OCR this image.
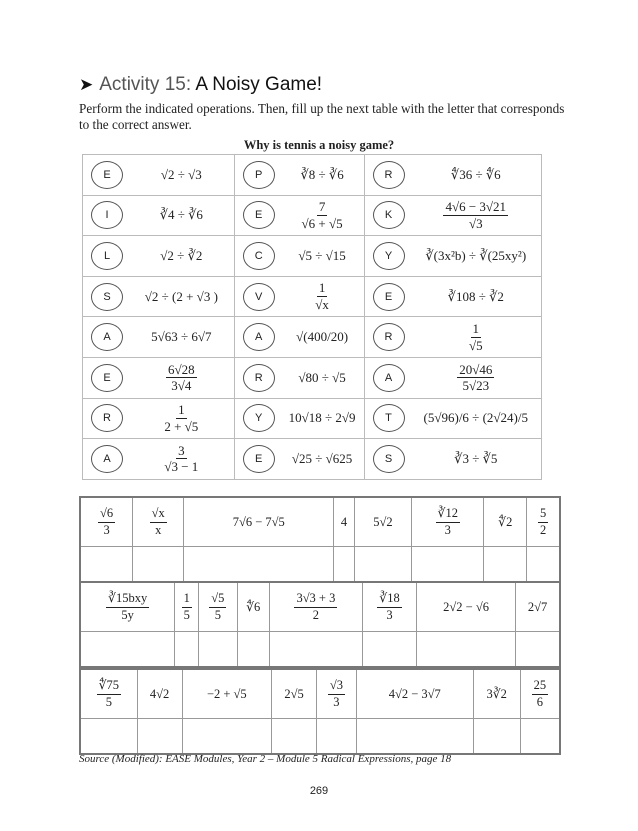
➤ Activity 15: A Noisy Game!
Perform the indicated operations. Then, fill up the next table with the letter that corresponds to the correct answer.
Why is tennis a noisy game?
E √2 ÷ √3	P ∛8 ÷ ∛6	R ∜36 ÷ ∜6

I ∛4 ÷ ∛6	E $\frac{7}{√6 + √5}$	K $\frac{4√6 - 3√21}{√3}$

L √2 ÷ ∛2	C √5 ÷ √15	Y ∛(3x²b) ÷ ∛(25xy²)

S √2 ÷ (2 + √3 )	V $\frac{1}{√x}$	E ∛108 ÷ ∛2

A 5√63 ÷ 6√7	A √(400/20)	R $\frac{1}{√5}$

E $\frac{6√28}{3√4}$	R √80 ÷ √5	A $\frac{20√46}{5√23}$

R $\frac{1}{2 + √5}$	Y 10√18 ÷ 2√9	T (5√96)/6 ÷ (2√24)/5

A $\frac{3}{√3 - 1}$	E √25 ÷ √625	S ∛3 ÷ ∛5
$\frac{√6}{3}$	$\frac{√x}{x}$	7√6 − 7√5	4	5√2	$\frac{∛12}{3}$	∜2	$\frac{5}{2}$

$\frac{\text{∛15bxy}}{5y}$	$\frac{1}{5}$	$\frac{√5}{5}$	∜6	$\frac{3√3 + 3}{2}$	$\frac{∛18}{3}$	2√2 − √6	2√7

$\frac{∜75}{5}$	4√2	−2 + √5	2√5	$\frac{√3}{3}$	4√2 − 3√7	3∛2	$\frac{25}{6}$

Source (Modified): EASE Modules, Year 2 – Module 5 Radical Expressions, page 18
269
